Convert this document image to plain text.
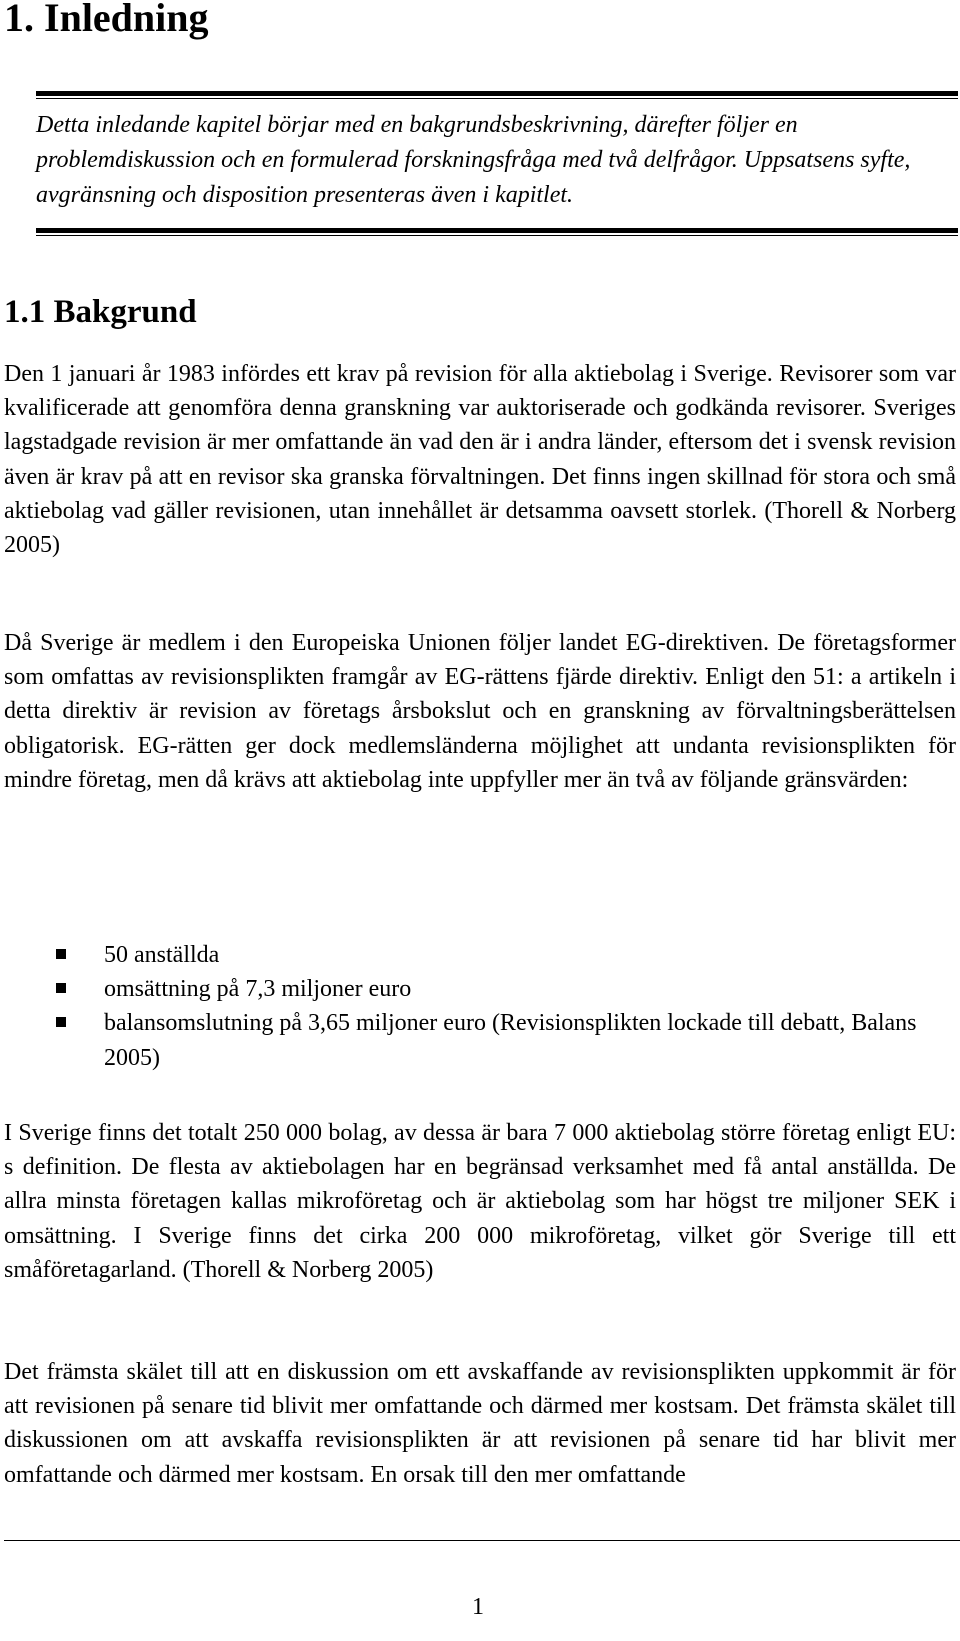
1. Inledning

Detta inledande kapitel börjar med en bakgrundsbeskrivning, därefter följer en problemdiskussion och en formulerad forskningsfråga med två delfrågor. Uppsatsens syfte, avgränsning och disposition presenteras även i kapitlet.

1.1 Bakgrund

Den 1 januari år 1983 infördes ett krav på revision för alla aktiebolag i Sverige. Revisorer som var kvalificerade att genomföra denna granskning var auktoriserade och godkända revisorer. Sveriges lagstadgade revision är mer omfattande än vad den är i andra länder, eftersom det i svensk revision även är krav på att en revisor ska granska förvaltningen. Det finns ingen skillnad för stora och små aktiebolag vad gäller revisionen, utan innehållet är detsamma oavsett storlek. (Thorell & Norberg 2005)

Då Sverige är medlem i den Europeiska Unionen följer landet EG-direktiven. De företagsformer som omfattas av revisionsplikten framgår av EG-rättens fjärde direktiv. Enligt den 51: a artikeln i detta direktiv är revision av företags årsbokslut och en granskning av förvaltningsberättelsen obligatorisk. EG-rätten ger dock medlemsländerna möjlighet att undanta revisionsplikten för mindre företag, men då krävs att aktiebolag inte uppfyller mer än två av följande gränsvärden:

50 anställda
omsättning på 7,3 miljoner euro
balansomslutning på 3,65 miljoner euro (Revisionsplikten lockade till debatt, Balans 2005)

I Sverige finns det totalt 250 000 bolag, av dessa är bara 7 000 aktiebolag större företag enligt EU: s definition. De flesta av aktiebolagen har en begränsad verksamhet med få antal anställda. De allra minsta företagen kallas mikroföretag och är aktiebolag som har högst tre miljoner SEK i omsättning. I Sverige finns det cirka 200 000 mikroföretag, vilket gör Sverige till ett småföretagarland. (Thorell & Norberg 2005)

Det främsta skälet till att en diskussion om ett avskaffande av revisionsplikten uppkommit är för att revisionen på senare tid blivit mer omfattande och därmed mer kostsam. Det främsta skälet till diskussionen om att avskaffa revisionsplikten är att revisionen på senare tid har blivit mer omfattande och därmed mer kostsam. En orsak till den mer omfattande

1
